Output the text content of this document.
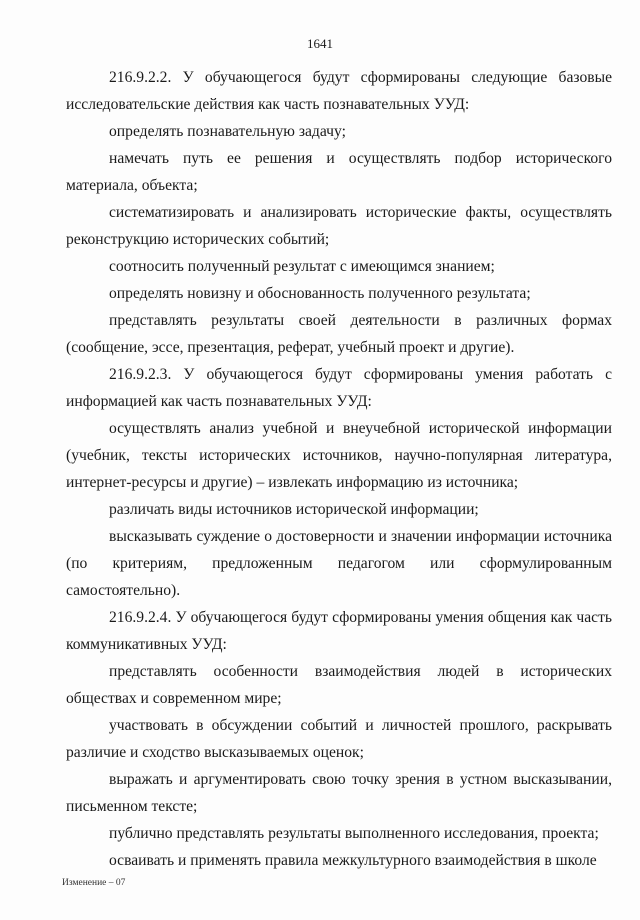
1641

216.9.2.2. У обучающегося будут сформированы следующие базовые исследовательские действия как часть познавательных УУД:

определять познавательную задачу;

намечать путь ее решения и осуществлять подбор исторического материала, объекта;

систематизировать и анализировать исторические факты, осуществлять реконструкцию исторических событий;

соотносить полученный результат с имеющимся знанием;

определять новизну и обоснованность полученного результата;

представлять результаты своей деятельности в различных формах (сообщение, эссе, презентация, реферат, учебный проект и другие).

216.9.2.3. У обучающегося будут сформированы умения работать с информацией как часть познавательных УУД:

осуществлять анализ учебной и внеучебной исторической информации (учебник, тексты исторических источников, научно-популярная литература, интернет-ресурсы и другие) – извлекать информацию из источника;

различать виды источников исторической информации;

высказывать суждение о достоверности и значении информации источника (по критериям, предложенным педагогом или сформулированным самостоятельно).

216.9.2.4. У обучающегося будут сформированы умения общения как часть коммуникативных УУД:

представлять особенности взаимодействия людей в исторических обществах и современном мире;

участвовать в обсуждении событий и личностей прошлого, раскрывать различие и сходство высказываемых оценок;

выражать и аргументировать свою точку зрения в устном высказывании, письменном тексте;

публично представлять результаты выполненного исследования, проекта;

осваивать и применять правила межкультурного взаимодействия в школе

Изменение – 07
